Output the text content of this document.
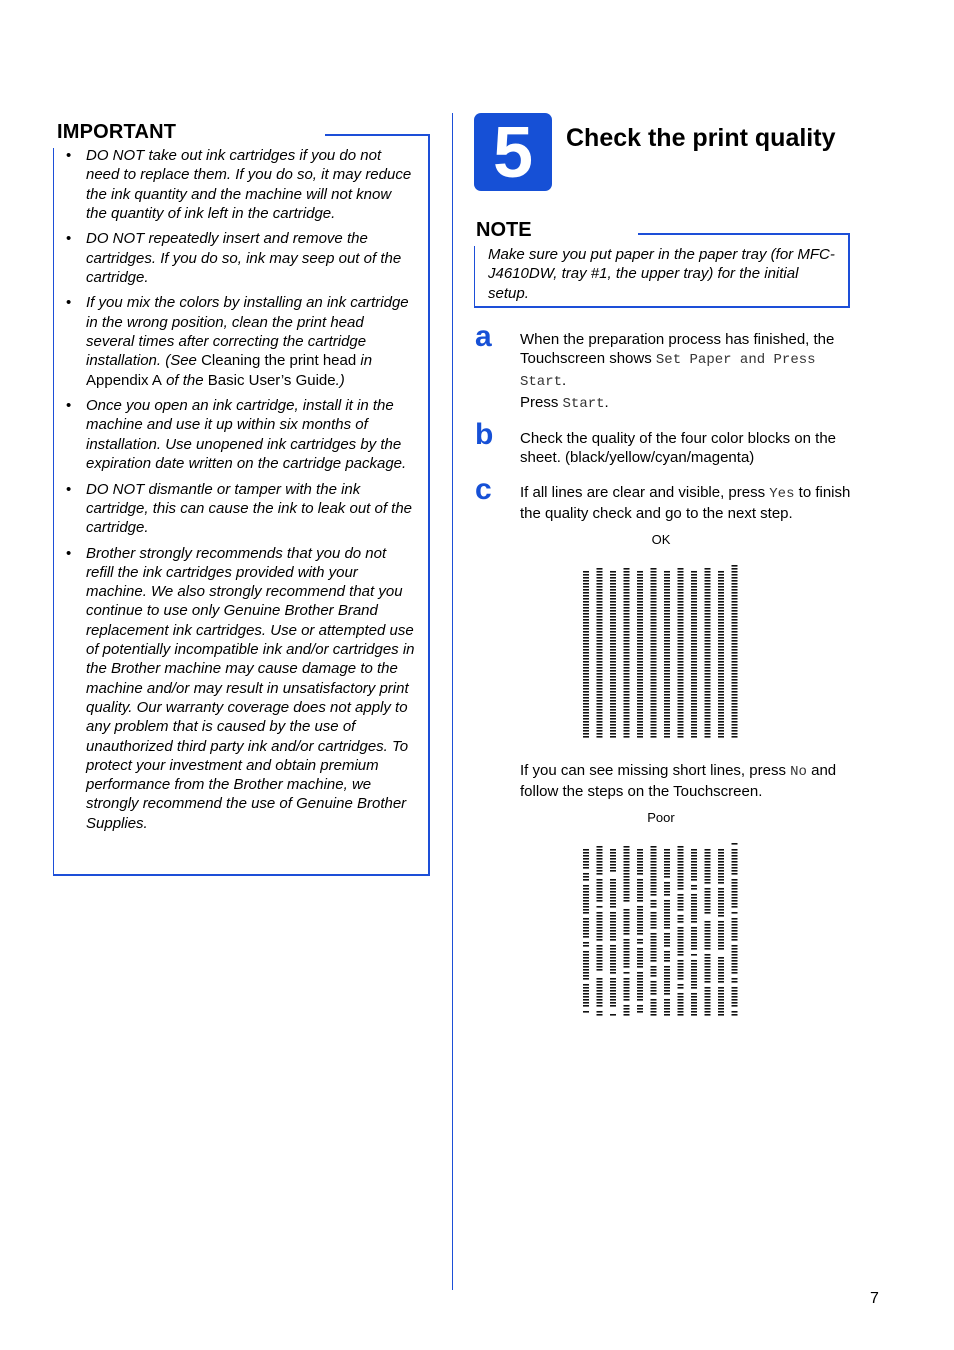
IMPORTANT
• DO NOT take out ink cartridges if you do not need to replace them. If you do so, it may reduce the ink quantity and the machine will not know the quantity of ink left in the cartridge.
• DO NOT repeatedly insert and remove the cartridges. If you do so, ink may seep out of the cartridge.
• If you mix the colors by installing an ink cartridge in the wrong position, clean the print head several times after correcting the cartridge installation. (See Cleaning the print head in Appendix A of the Basic User’s Guide.)
• Once you open an ink cartridge, install it in the machine and use it up within six months of installation. Use unopened ink cartridges by the expiration date written on the cartridge package.
• DO NOT dismantle or tamper with the ink cartridge, this can cause the ink to leak out of the cartridge.
• Brother strongly recommends that you do not refill the ink cartridges provided with your machine. We also strongly recommend that you continue to use only Genuine Brother Brand replacement ink cartridges. Use or attempted use of potentially incompatible ink and/or cartridges in the Brother machine may cause damage to the machine and/or may result in unsatisfactory print quality. Our warranty coverage does not apply to any problem that is caused by the use of unauthorized third party ink and/or cartridges. To protect your investment and obtain premium performance from the Brother machine, we strongly recommend the use of Genuine Brother Supplies.
5	Check the print quality
NOTE
Make sure you put paper in the paper tray (for MFC-J4610DW, tray #1, the upper tray) for the initial setup.
a When the preparation process has finished, the Touchscreen shows Set Paper and Press Start.
Press Start.
b Check the quality of the four color blocks on the sheet. (black/yellow/cyan/magenta)
c If all lines are clear and visible, press Yes to finish the quality check and go to the next step.
OK
If you can see missing short lines, press No and follow the steps on the Touchscreen.
Poor
7
